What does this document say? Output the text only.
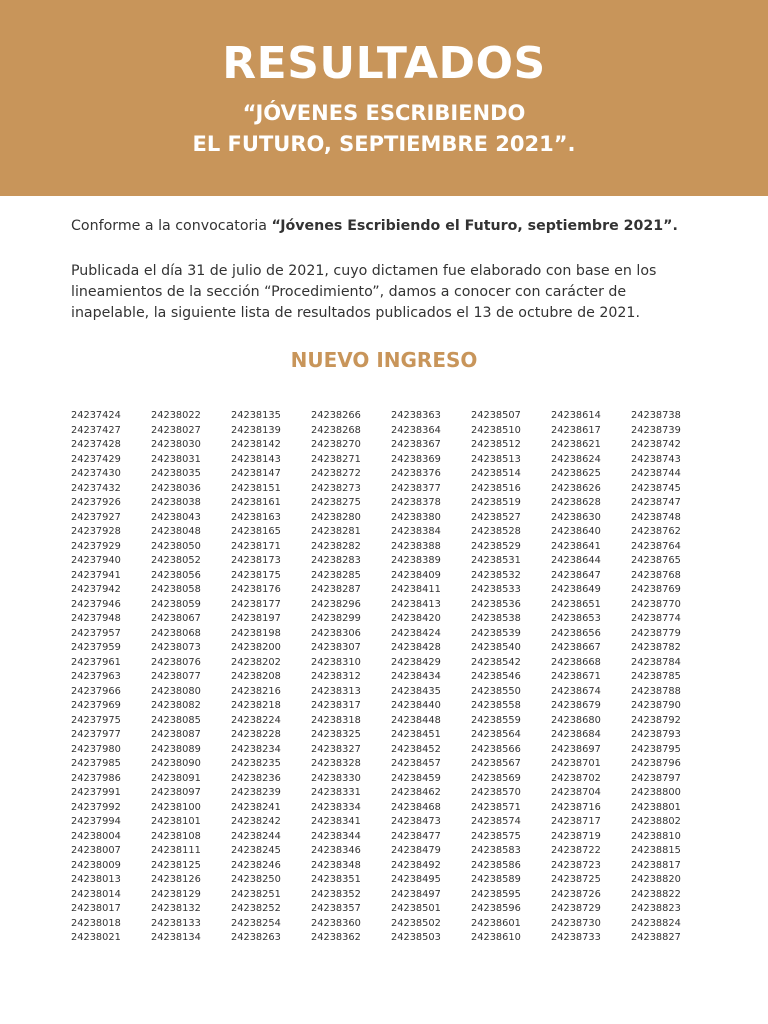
RESULTADOS
“JÓVENES ESCRIBIENDO
EL FUTURO, SEPTIEMBRE 2021”.

Conforme a la convocatoria “Jóvenes Escribiendo el Futuro, septiembre 2021”.

Publicada el día 31 de julio de 2021, cuyo dictamen fue elaborado con base en los lineamientos de la sección “Procedimiento”, damos a conocer con carácter de inapelable, la siguiente lista de resultados publicados el 13 de octubre de 2021.

NUEVO INGRESO
24237424
24237427
24237428
24237429
24237430
24237432
24237926
24237927
24237928
24237929
24237940
24237941
24237942
24237946
24237948
24237957
24237959
24237961
24237963
24237966
24237969
24237975
24237977
24237980
24237985
24237986
24237991
24237992
24237994
24238004
24238007
24238009
24238013
24238014
24238017
24238018
24238021
24238022
24238027
24238030
24238031
24238035
24238036
24238038
24238043
24238048
24238050
24238052
24238056
24238058
24238059
24238067
24238068
24238073
24238076
24238077
24238080
24238082
24238085
24238087
24238089
24238090
24238091
24238097
24238100
24238101
24238108
24238111
24238125
24238126
24238129
24238132
24238133
24238134
24238135
24238139
24238142
24238143
24238147
24238151
24238161
24238163
24238165
24238171
24238173
24238175
24238176
24238177
24238197
24238198
24238200
24238202
24238208
24238216
24238218
24238224
24238228
24238234
24238235
24238236
24238239
24238241
24238242
24238244
24238245
24238246
24238250
24238251
24238252
24238254
24238263
24238266
24238268
24238270
24238271
24238272
24238273
24238275
24238280
24238281
24238282
24238283
24238285
24238287
24238296
24238299
24238306
24238307
24238310
24238312
24238313
24238317
24238318
24238325
24238327
24238328
24238330
24238331
24238334
24238341
24238344
24238346
24238348
24238351
24238352
24238357
24238360
24238362
24238363
24238364
24238367
24238369
24238376
24238377
24238378
24238380
24238384
24238388
24238389
24238409
24238411
24238413
24238420
24238424
24238428
24238429
24238434
24238435
24238440
24238448
24238451
24238452
24238457
24238459
24238462
24238468
24238473
24238477
24238479
24238492
24238495
24238497
24238501
24238502
24238503
24238507
24238510
24238512
24238513
24238514
24238516
24238519
24238527
24238528
24238529
24238531
24238532
24238533
24238536
24238538
24238539
24238540
24238542
24238546
24238550
24238558
24238559
24238564
24238566
24238567
24238569
24238570
24238571
24238574
24238575
24238583
24238586
24238589
24238595
24238596
24238601
24238610
24238614
24238617
24238621
24238624
24238625
24238626
24238628
24238630
24238640
24238641
24238644
24238647
24238649
24238651
24238653
24238656
24238667
24238668
24238671
24238674
24238679
24238680
24238684
24238697
24238701
24238702
24238704
24238716
24238717
24238719
24238722
24238723
24238725
24238726
24238729
24238730
24238733
24238738
24238739
24238742
24238743
24238744
24238745
24238747
24238748
24238762
24238764
24238765
24238768
24238769
24238770
24238774
24238779
24238782
24238784
24238785
24238788
24238790
24238792
24238793
24238795
24238796
24238797
24238800
24238801
24238802
24238810
24238815
24238817
24238820
24238822
24238823
24238824
24238827
